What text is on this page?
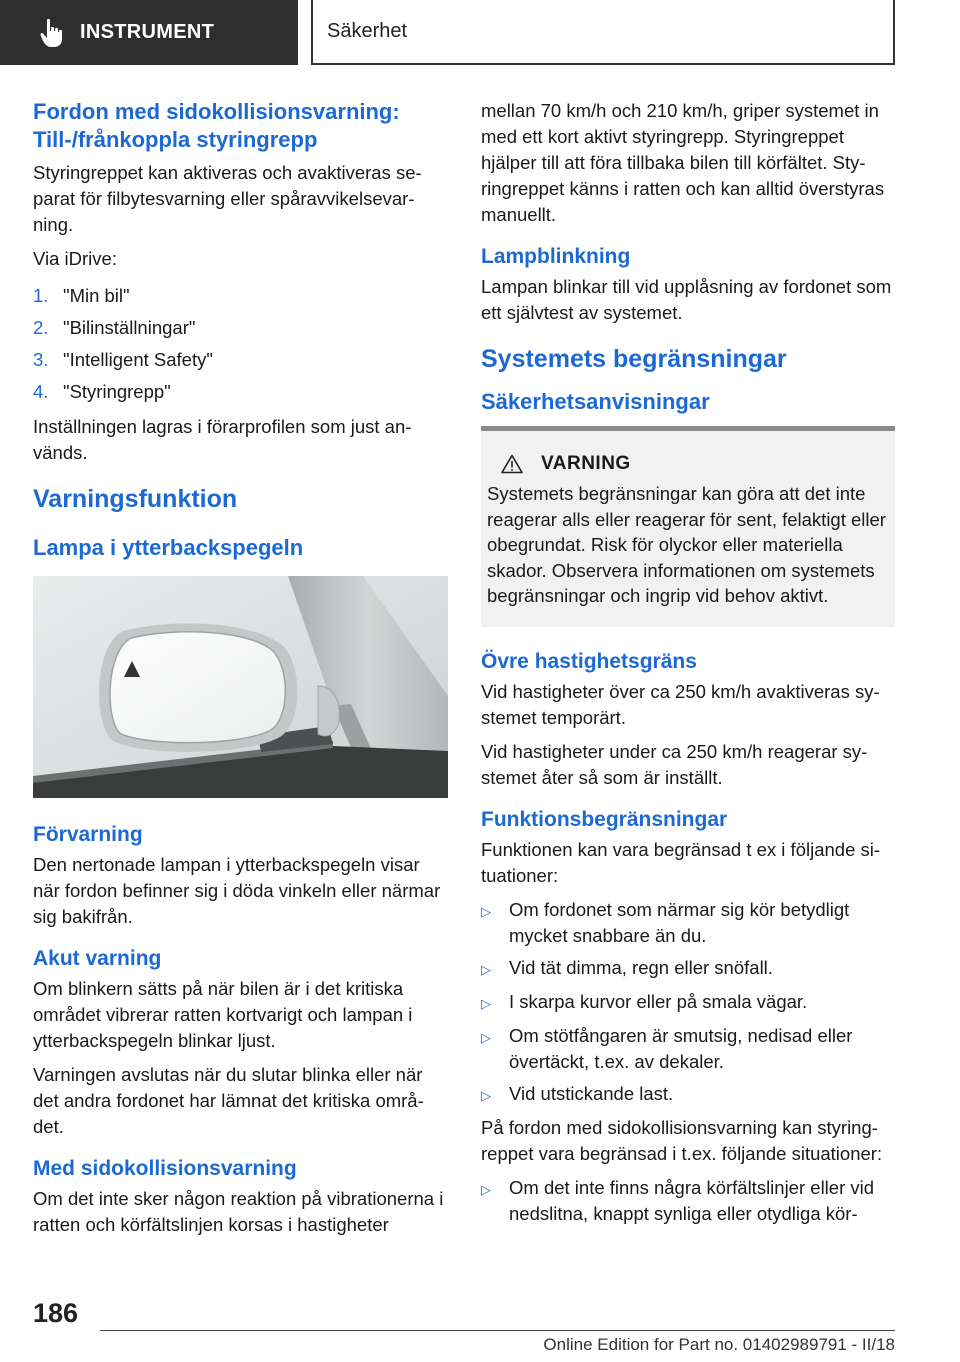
INSTRUMENT	Säkerhet
Fordon med sidokollisionsvarning: Till-/frånkoppla styringrepp

Styringreppet kan aktiveras och avaktiveras separat för filbytesvarning eller spåravvikelsevarning.

Via iDrive:

1. "Min bil"
2. "Bilinställningar"
3. "Intelligent Safety"
4. "Styringrepp"

Inställningen lagras i förarprofilen som just används.

Varningsfunktion
Lampa i ytterbackspegeln
Förvarning

Den nertonade lampan i ytterbackspegeln visar när fordon befinner sig i döda vinkeln eller närmar sig bakifrån.

Akut varning

Om blinkern sätts på när bilen är i det kritiska området vibrerar ratten kortvarigt och lampan i ytterbackspegeln blinkar ljust.

Varningen avslutas när du slutar blinka eller när det andra fordonet har lämnat det kritiska området.

Med sidokollisionsvarning

Om det inte sker någon reaktion på vibrationerna i ratten och körfältslinjen korsas i hastigheter

mellan 70 km/h och 210 km/h, griper systemet in med ett kort aktivt styringrepp. Styringreppet hjälper till att föra tillbaka bilen till körfältet. Styringreppet känns i ratten och kan alltid överstyras manuellt.

Lampblinkning

Lampan blinkar till vid upplåsning av fordonet som ett självtest av systemet.

Systemets begränsningar
Säkerhetsanvisningar
VARNING

Systemets begränsningar kan göra att det inte reagerar alls eller reagerar för sent, felaktigt eller obegrundat. Risk för olyckor eller materiella skador. Observera informationen om systemets begränsningar och ingrip vid behov aktivt.

Övre hastighetsgräns

Vid hastigheter över ca 250 km/h avaktiveras systemet temporärt.

Vid hastigheter under ca 250 km/h reagerar systemet åter så som är inställt.

Funktionsbegränsningar

Funktionen kan vara begränsad t ex i följande situationer:

▷ Om fordonet som närmar sig kör betydligt mycket snabbare än du.
▷ Vid tät dimma, regn eller snöfall.
▷ I skarpa kurvor eller på smala vägar.
▷ Om stötfångaren är smutsig, nedisad eller övertäckt, t.ex. av dekaler.
▷ Vid utstickande last.

På fordon med sidokollisionsvarning kan styringreppet vara begränsad i t.ex. följande situationer:

▷ Om det inte finns några körfältslinjer eller vid nedslitna, knappt synliga eller otydliga kör-
186
Online Edition for Part no. 01402989791 - II/18
